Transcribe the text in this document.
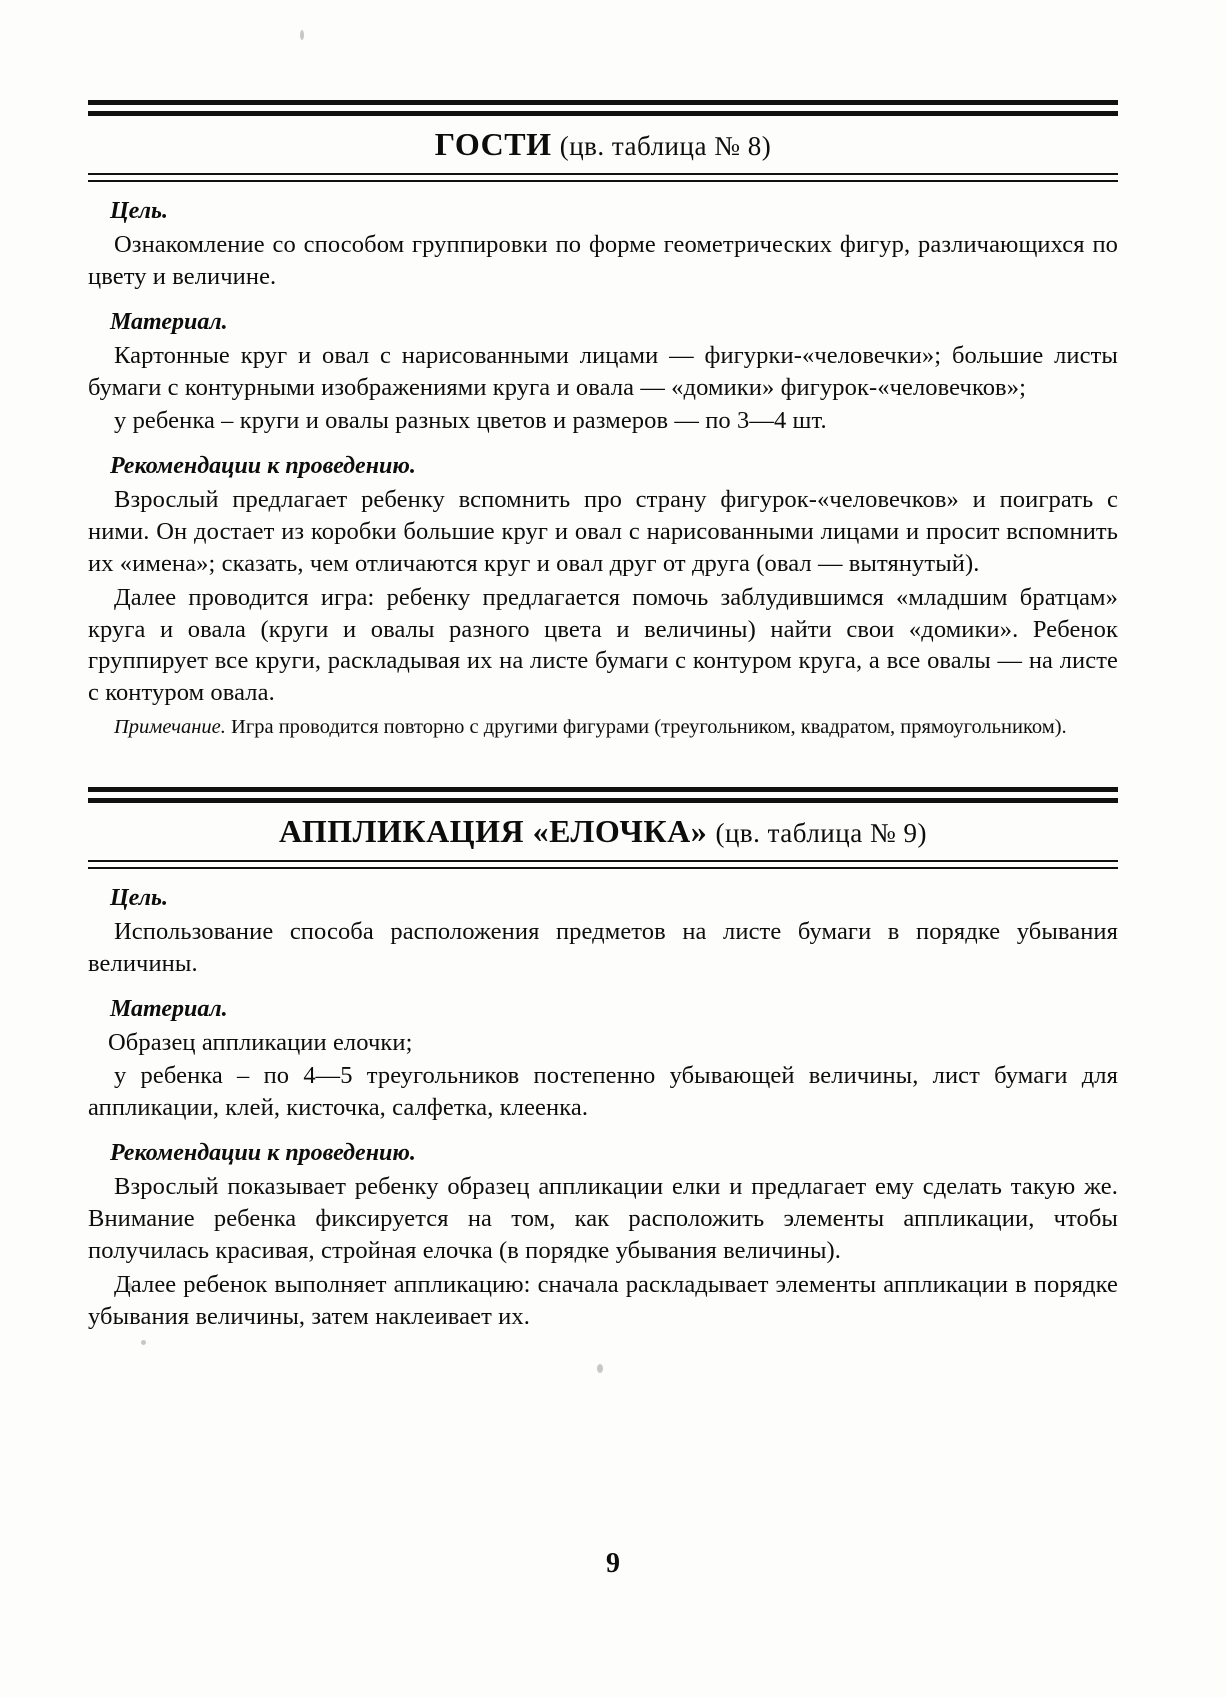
ГОСТИ (цв. таблица № 8)
Цель.

Ознакомление со способом группировки по форме геометрических фигур, различающихся по цвету и величине.

Материал.

Картонные круг и овал с нарисованными лицами — фигурки-«человечки»; большие листы бумаги с контурными изображениями круга и овала — «домики» фигурок-«человечков»;

у ребенка – круги и овалы разных цветов и размеров — по 3—4 шт.

Рекомендации к проведению.

Взрослый предлагает ребенку вспомнить про страну фигурок-«человечков» и поиграть с ними. Он достает из коробки большие круг и овал с нарисованными лицами и просит вспомнить их «имена»; сказать, чем отличаются круг и овал друг от друга (овал — вытянутый).

Далее проводится игра: ребенку предлагается помочь заблудившимся «младшим братцам» круга и овала (круги и овалы разного цвета и величины) найти свои «домики». Ребенок группирует все круги, раскладывая их на листе бумаги с контуром круга, а все овалы — на листе с контуром овала.

Примечание. Игра проводится повторно с другими фигурами (треугольником, квадратом, прямоугольником).

АППЛИКАЦИЯ «ЕЛОЧКА» (цв. таблица № 9)
Цель.

Использование способа расположения предметов на листе бумаги в порядке убывания величины.

Материал.

Образец аппликации елочки;

у ребенка – по 4—5 треугольников постепенно убывающей величины, лист бумаги для аппликации, клей, кисточка, салфетка, клеенка.

Рекомендации к проведению.

Взрослый показывает ребенку образец аппликации елки и предлагает ему сделать такую же. Внимание ребенка фиксируется на том, как расположить элементы аппликации, чтобы получилась красивая, стройная елочка (в порядке убывания величины).

Далее ребенок выполняет аппликацию: сначала раскладывает элементы аппликации в порядке убывания величины, затем наклеивает их.

9
